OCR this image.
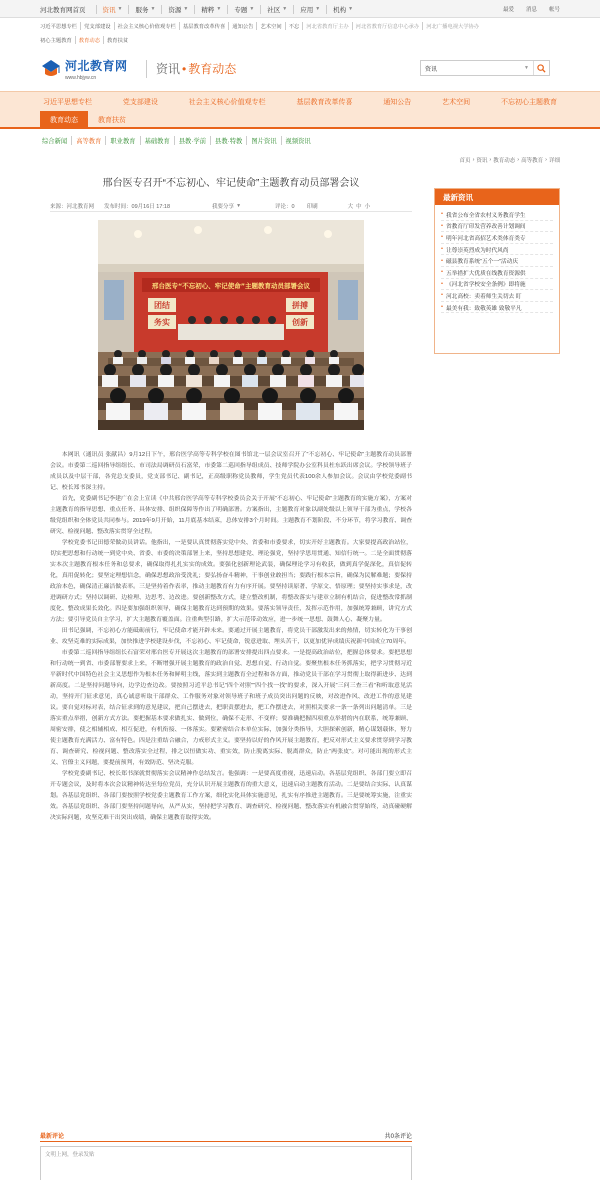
河北教育网首页	资讯 ▼ 服务 ▼ 资源 ▼ 精粹 ▼ 专题 ▼ 社区 ▼ 应用 ▼ 机构 ▼	最爱 消息 帐号
习近平思想专栏	党支部建设	社会主义核心价值观专栏	基层教育改革传喜	通知公告	艺术空间	不忘	河北省教育厅主办	河北省教育厅信息中心承办	河北广播电视大学协办
初心主题教育	教育动态	教育扶贫
河北教育网
www.hbjyw.cn
资讯 • 教育动态	资讯	▼
习近平思想专栏	党支部建设	社会主义核心价值观专栏	基层教育改革传喜	通知公告	艺术空间	不忘初心主题教育
教育动态	教育扶贫
综合新闻	高等教育	职业教育	基础教育	县教·学前	县教·特教	图片资讯	视频资讯
首页 › 资讯 › 教育动态 › 高等教育 › 详细
邢台医专召开“不忘初心、牢记使命”主题教育动员部署会议
来源：河北教育网 发布时间：09月16日 17:18	我要分享 ▼	评论：0 印刷	大 中 小
邢台医专“不忘初心、牢记使命”主题教育动员部署会议
团结
务实
拼搏
创新

本网讯（通讯员 张献昌）9月12日下午，邢台医学高等专科学校在图书馆北一层会议室召开了“不忘初心、牢记使命”主题教育动员部署会议。市委第二巡回指导组组长、市司法局调研员石富荣，市委第二巡回指导组成员、技师学院办公室科员杜东跃出席会议。学校领导班子成员以及中层干部，各党总支委员，党支部书记、副书记，正高级职称党员教师，学生党员代表100余人参加会议。会议由学校党委副书记、校长郑书深主持。

首先，党委副书记李建广在会上宣读《中共邢台医学高等专科学校委员会关于开展“不忘初心、牢记使命”主题教育的实施方案》，方案对主题教育的指导思想、重点任务、具体安排、组织保障等作出了明确部署。方案指出，主题教育对象以副处级以上领导干部为重点，学校各级党组织和全体党员共同参与。2019年9月开始，11月底基本结束，总体安排3个月时间。主题教育不划阶段、不分环节，将学习教育、调查研究、检视问题、整改落实贯穿全过程。

学校党委书记田德荣做动员讲话。他指出，一是要认真贯彻落实党中央、省委和市委要求，切实开好主题教育。大家要提高政治站位，切实把思想和行动统一到党中央、省委、市委的决策部署上来，坚持思想建党、理论强党，坚持学思用贯通、知信行统一。二是全面贯彻落实本次主题教育根本任务和总要求，确保取得扎扎实实的成效。要强化创新理论武装，确保理论学习有收获，做到真学促深化，真信促转化，真用促转化；要坚定理想信念，确保思想政治受洗礼；要弘扬奋斗精神，干事创业敢担当；要践行根本宗旨，确保为民解难题；要保持政治本色，确保清正廉洁做表率。三是坚持着作表率，推动主题教育有力有序开展。要坚持读原著、学原文、悟原理；要坚持实事求是，改进调研方式；坚持以调研、边检理、边思考、边改进。要创新整改方式，建立整改机制，将整改落实与建章立制有机结合，促进整改常抓制度化、整改成果长效化。四是要加强组织领导，确保主题教育达到预期的效果。要落实领导责任，发挥示范作用，加强统筹兼顾，讲究方式方法；要引导党员自主学习，扩大主题教育覆盖面。注重典型引路，扩大示范带动效应，进一步统一思想、鼓舞人心、凝聚力量。

田书记强调，不忘初心方能砥砺前行，牢记使命才能开辟未来。要通过开展主题教育，将党员干部激发出来的热情，切实转化为干事创业、攻坚克难的实际成果，加快推进学校建设步伐，不忘初心、牢记使命，锐意进取、埋头苦干，以更加优异成绩庆祝新中国成立70周年。

市委第二巡回指导组组长石富荣对邢台医专开展这次主题教育的部署安排提出四点要求。一是提高政治站位，把握总体要求。要把思想和行动统一到省、市委部署要求上来，不断增强开展主题教育的政治自觉、思想自觉、行动自觉。要聚焦根本任务抓落实，把学习贯彻习近平新时代中国特色社会主义思想作为根本任务和鲜明主线，落实到主题教育全过程和各方面，推动党员干部在学习贯彻上取得新进步、达到新高度。二是坚持问题导向，边学边查边改。要按照习近平总书记“四个对照”“四个找一找”的要求，深入开展“三问三查三看”和听取意见活动，坚持开门征求意见，真心诚意听取干部群众、工作服务对象对领导班子和班子成员突出问题的反映，对改进作风、改进工作的意见建议。要自觉对标对表，结合征求到的意见建议，把自己摆进去，把职责摆进去，把工作摆进去，对照相关要求一条一条列出问题清单。三是落实重点举措，创新方式方法。要把握基本要求做扎实、做到位，确保不走形、不变样；要准确把握四项重点举措的内在联系，统筹兼顾、周密安排，使之相辅相成、相互促进，有机衔接、一体落实。要紧密结合本单位实际，加强分类指导，大胆探索创新，精心谋划载体，努力使主题教育充满活力、富有特色。四是注重结合融合，力戒形式主义。要坚持以好的作风开展主题教育，把反对形式主义要求贯穿到学习教育、调查研究、检视问题、整改落实全过程，排之以恒做实功、重实效，防止脱离实际、脱离群众，防止“两张皮”。对可能出现的形式主义、官僚主义问题，要提前预判，有效防范、坚决克服。

学校党委副书记、校长郑书深就贯彻落实会议精神作总结发言。他强调：一是要高度重视，迅速启动。各基层党组织、各部门要立即召开专题会议，及时将本次会议精神传达至每位党员，充分认识开展主题教育的重大意义，迅速启动主题教育活动。二是要结合实际、认真谋划。各基层党组织、各部门要按照学校党委主题教育工作方案，细化实化具体实施意见，扎实有序推进主题教育。三是要统筹实施，注重实效。各基层党组织、各部门要坚持问题导向，从严从实，坚持把学习教育、调查研究、检视问题、整改落实有机融合贯穿始终，动真碰硬解决实际问题，攻坚克难干出突出成绩，确保主题教育取得实效。

最新资讯
• 我省公布全省农村义务教育学生
• 省教育厅印发营养改善计划调间
• 明年河北省高招艺术类体育类专
• 让尊崇英烈成为时代风尚
• 磁县教育系统“五个一”活动庆
• 五举措扩大优质在线教育资源供
• 《河北省学校安全条例》即将施
• 河北高校：卖着师生关切去 盯
• 最美有我：致敬英雄 致敬平凡
最新评论	共0条评论
文明上网，登录发贴
